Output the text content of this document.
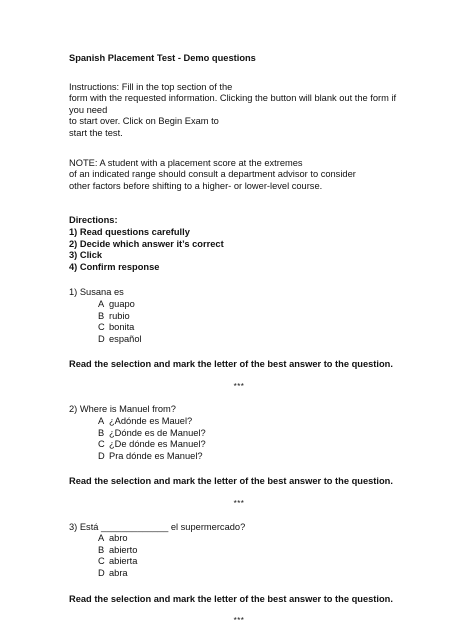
Spanish Placement Test - Demo questions

Instructions: Fill in the top section of the

form with the requested information. Clicking the button will blank out the form if you need

to start over. Click on Begin Exam to

start the test.

NOTE: A student with a placement score at the extremes

of an indicated range should consult a department advisor to consider

other factors before shifting to a higher- or lower-level course.

Directions:

1) Read questions carefully

2) Decide which answer it’s correct

3) Click

4) Confirm response

1) Susana es
A guapo
B rubio
C bonita
D español

Read the selection and mark the letter of the best answer to the question.

***
2) Where is Manuel from?
A ¿Adónde es Mauel?
B ¿Dónde es de Manuel?
C ¿De dónde es Manuel?
D Pra dónde es Manuel?

Read the selection and mark the letter of the best answer to the question.

***
3) Está _____________ el supermercado?
A abro
B abierto
C abierta
D abra

Read the selection and mark the letter of the best answer to the question.

***
